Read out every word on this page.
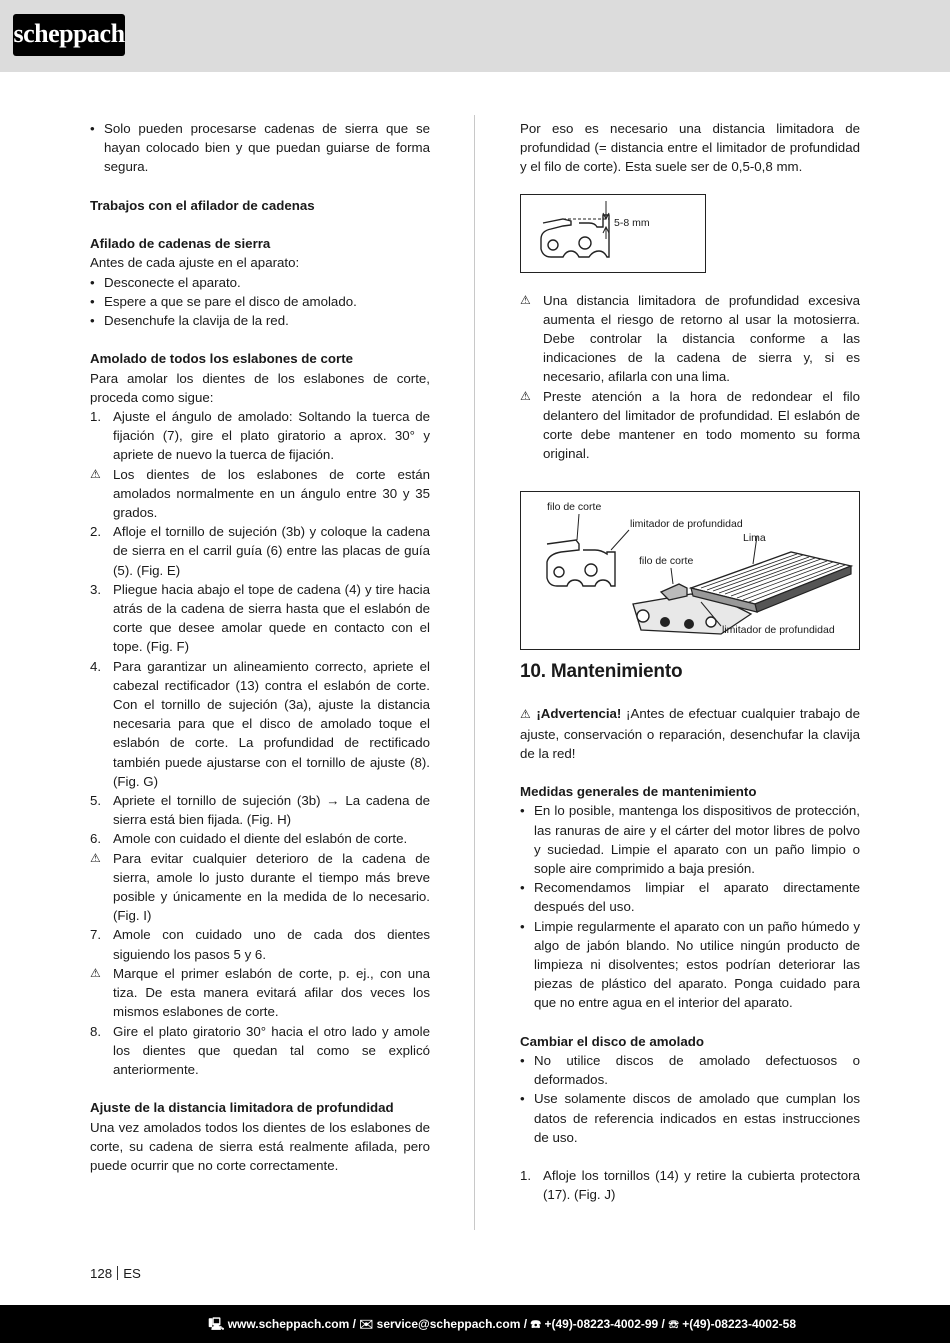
scheppach
• Solo pueden procesarse cadenas de sierra que se hayan colocado bien y que puedan guiarse de forma segura.

Trabajos con el afilador de cadenas

Afilado de cadenas de sierra

Antes de cada ajuste en el aparato:

• Desconecte el aparato.
• Espere a que se pare el disco de amolado.
• Desenchufe la clavija de la red.

Amolado de todos los eslabones de corte

Para amolar los dientes de los eslabones de corte, proceda como sigue:

1. Ajuste el ángulo de amolado: Soltando la tuerca de fijación (7), gire el plato giratorio a aprox. 30° y apriete de nuevo la tuerca de fijación.
⚠ Los dientes de los eslabones de corte están amolados normalmente en un ángulo entre 30 y 35 grados.
2. Afloje el tornillo de sujeción (3b) y coloque la cadena de sierra en el carril guía (6) entre las placas de guía (5). (Fig. E)
3. Pliegue hacia abajo el tope de cadena (4) y tire hacia atrás de la cadena de sierra hasta que el eslabón de corte que desee amolar quede en contacto con el tope. (Fig. F)
4. Para garantizar un alineamiento correcto, apriete el cabezal rectificador (13) contra el eslabón de corte. Con el tornillo de sujeción (3a), ajuste la distancia necesaria para que el disco de amolado toque el eslabón de corte. La profundidad de rectificado también puede ajustarse con el tornillo de ajuste (8). (Fig. G)
5. Apriete el tornillo de sujeción (3b) → La cadena de sierra está bien fijada. (Fig. H)
6. Amole con cuidado el diente del eslabón de corte.
⚠ Para evitar cualquier deterioro de la cadena de sierra, amole lo justo durante el tiempo más breve posible y únicamente en la medida de lo necesario. (Fig. I)
7. Amole con cuidado uno de cada dos dientes siguiendo los pasos 5 y 6.
⚠ Marque el primer eslabón de corte, p. ej., con una tiza. De esta manera evitará afilar dos veces los mismos eslabones de corte.
8. Gire el plato giratorio 30° hacia el otro lado y amole los dientes que quedan tal como se explicó anteriormente.

Ajuste de la distancia limitadora de profundidad

Una vez amolados todos los dientes de los eslabones de corte, su cadena de sierra está realmente afilada, pero puede ocurrir que no corte correctamente.

Por eso es necesario una distancia limitadora de profundidad (= distancia entre el limitador de profundidad y el filo de corte). Esta suele ser de 0,5-0,8 mm.

5-8 mm
⚠ Una distancia limitadora de profundidad excesiva aumenta el riesgo de retorno al usar la motosierra. Debe controlar la distancia conforme a las indicaciones de la cadena de sierra y, si es necesario, afilarla con una lima.
⚠ Preste atención a la hora de redondear el filo delantero del limitador de profundidad. El eslabón de corte debe mantener en todo momento su forma original.
filo de corte
limitador de profundidad
Lima
filo de corte
limitador de profundidad
10. Mantenimiento

⚠ ¡Advertencia! ¡Antes de efectuar cualquier trabajo de ajuste, conservación o reparación, desenchufar la clavija de la red!

Medidas generales de mantenimiento

• En lo posible, mantenga los dispositivos de protección, las ranuras de aire y el cárter del motor libres de polvo y suciedad. Limpie el aparato con un paño limpio o sople aire comprimido a baja presión.
• Recomendamos limpiar el aparato directamente después del uso.
• Limpie regularmente el aparato con un paño húmedo y algo de jabón blando. No utilice ningún producto de limpieza ni disolventes; estos podrían deteriorar las piezas de plástico del aparato. Ponga cuidado para que no entre agua en el interior del aparato.

Cambiar el disco de amolado

• No utilice discos de amolado defectuosos o deformados.
• Use solamente discos de amolado que cumplan los datos de referencia indicados en estas instrucciones de uso.
1. Afloje los tornillos (14) y retire la cubierta protectora (17). (Fig. J)
128 ES
🖳 www.scheppach.com / ✉ service@scheppach.com / ☎ +(49)-08223-4002-99 / ☏ +(49)-08223-4002-58
